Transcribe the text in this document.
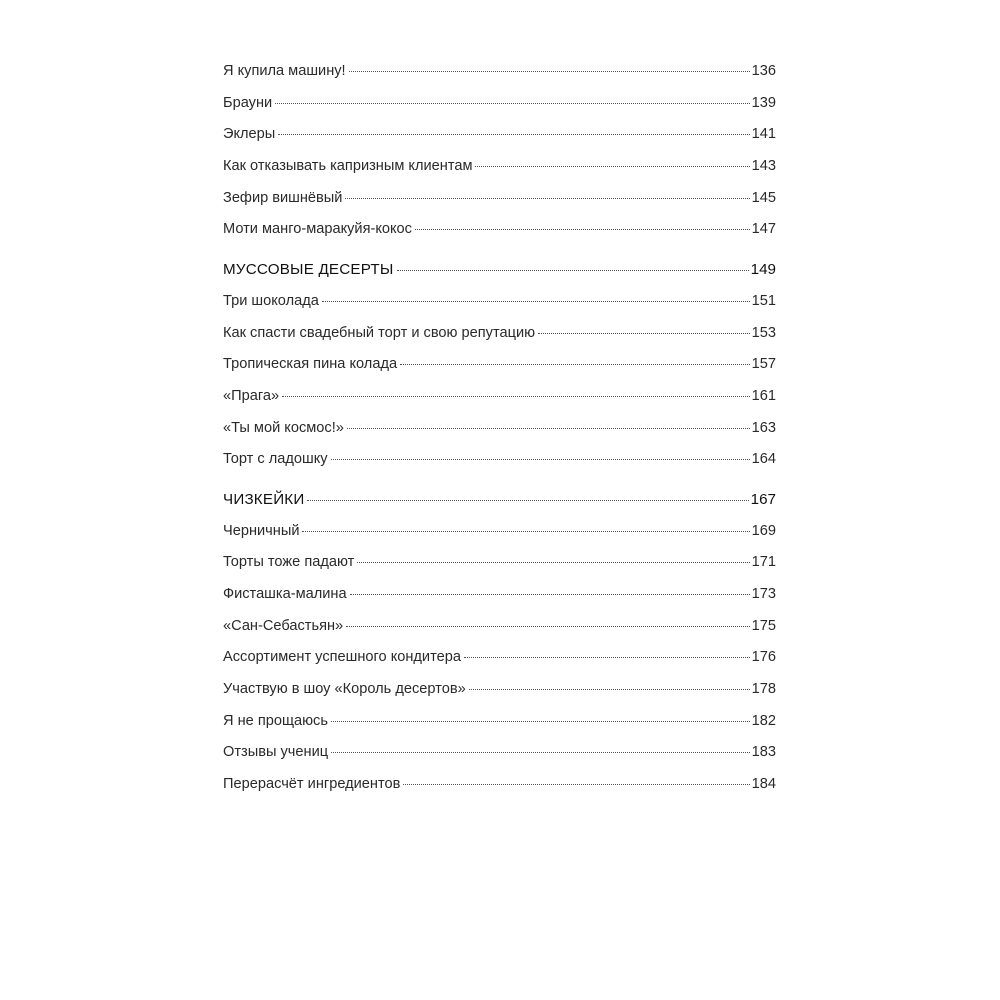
Я купила машину!	136
Брауни	139
Эклеры	141
Как отказывать капризным клиентам	143
Зефир вишнёвый	145
Моти манго-маракуйя-кокос	147
МУССОВЫЕ ДЕСЕРТЫ	149
Три шоколада	151
Как спасти свадебный торт и свою репутацию	153
Тропическая пина колада	157
«Прага»	161
«Ты мой космос!»	163
Торт с ладошку	164
ЧИЗКЕЙКИ	167
Черничный	169
Торты тоже падают	171
Фисташка-малина	173
«Сан-Себастьян»	175
Ассортимент успешного кондитера	176
Участвую в шоу «Король десертов»	178
Я не прощаюсь	182
Отзывы учениц	183
Перерасчёт ингредиентов	184
